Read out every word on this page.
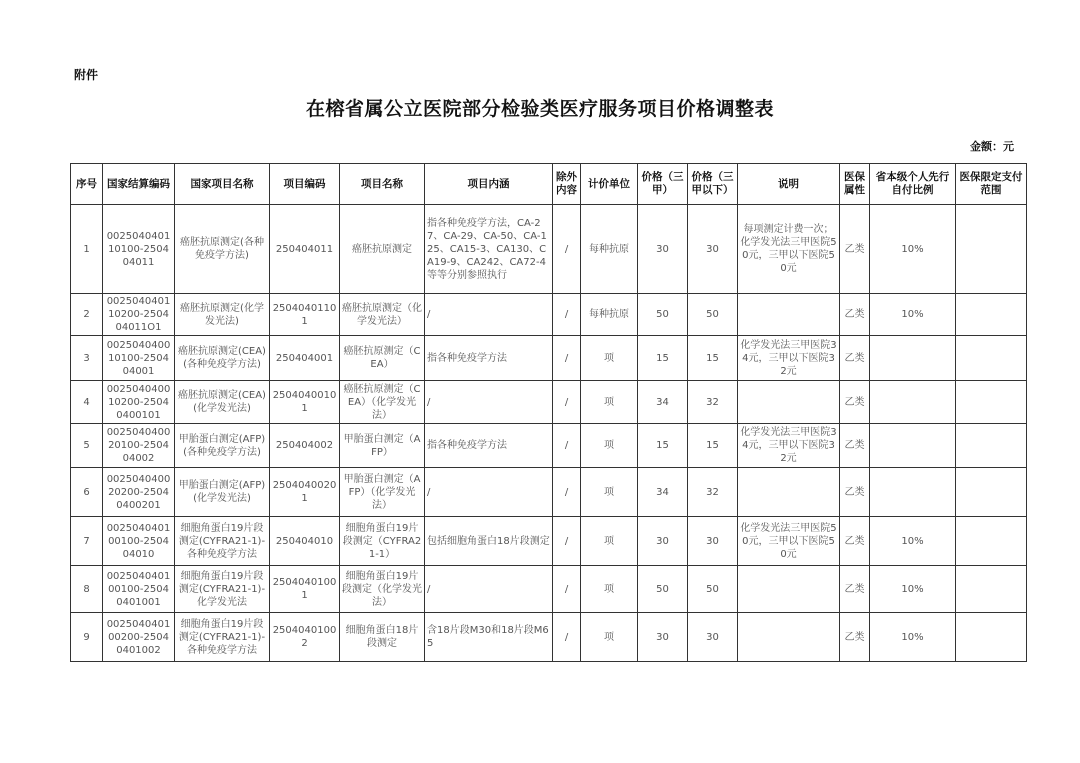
附件
在榕省属公立医院部分检验类医疗服务项目价格调整表
金额：元
序号	国家结算编码	国家项目名称	项目编码	项目名称	项目内涵	除外内容	计价单位	价格（三甲）	价格（三甲以下）	说明	医保属性	省本级个人先行自付比例	医保限定支付范围
1	002504040110100-250404011	癌胚抗原测定(各种免疫学方法)	250404011	癌胚抗原测定	指各种免疫学方法，CA-27、CA-29、CA-50、CA-125、CA15-3、CA130、CA19-9、CA242、CA72-4等等分别参照执行	/	每种抗原	30	30	每项测定计费一次；化学发光法三甲医院50元，三甲以下医院50元	乙类	10%	
2	002504040110200-250404011O1	癌胚抗原测定(化学发光法)	25040401101	癌胚抗原测定（化学发光法）	/	/	每种抗原	50	50		乙类	10%	
3	002504040010100-250404001	癌胚抗原测定(CEA)(各种免疫学方法)	250404001	癌胚抗原测定（CEA）	指各种免疫学方法	/	项	15	15	化学发光法三甲医院34元，三甲以下医院32元	乙类		
4	002504040010200-25040400101	癌胚抗原测定(CEA)(化学发光法)	25040400101	癌胚抗原测定（CEA）（化学发光法）	/	/	项	34	32		乙类		
5	002504040020100-250404002	甲胎蛋白测定(AFP)(各种免疫学方法)	250404002	甲胎蛋白测定（AFP）	指各种免疫学方法	/	项	15	15	化学发光法三甲医院34元，三甲以下医院32元	乙类		
6	002504040020200-25040400201	甲胎蛋白测定(AFP)(化学发光法)	25040400201	甲胎蛋白测定（AFP）（化学发光法）	/	/	项	34	32		乙类		
7	002504040100100-250404010	细胞角蛋白19片段测定(CYFRA21-1)-各种免疫学方法	250404010	细胞角蛋白19片段测定（CYFRA21-1）	包括细胞角蛋白18片段测定	/	项	30	30	化学发光法三甲医院50元，三甲以下医院50元	乙类	10%	
8	002504040100100-25040401001	细胞角蛋白19片段测定(CYFRA21-1)-化学发光法	25040401001	细胞角蛋白19片段测定（化学发光法）	/	/	项	50	50		乙类	10%	
9	002504040100200-25040401002	细胞角蛋白19片段测定(CYFRA21-1)-各种免疫学方法	25040401002	细胞角蛋白18片段测定	含18片段M30和18片段M65	/	项	30	30		乙类	10%	
